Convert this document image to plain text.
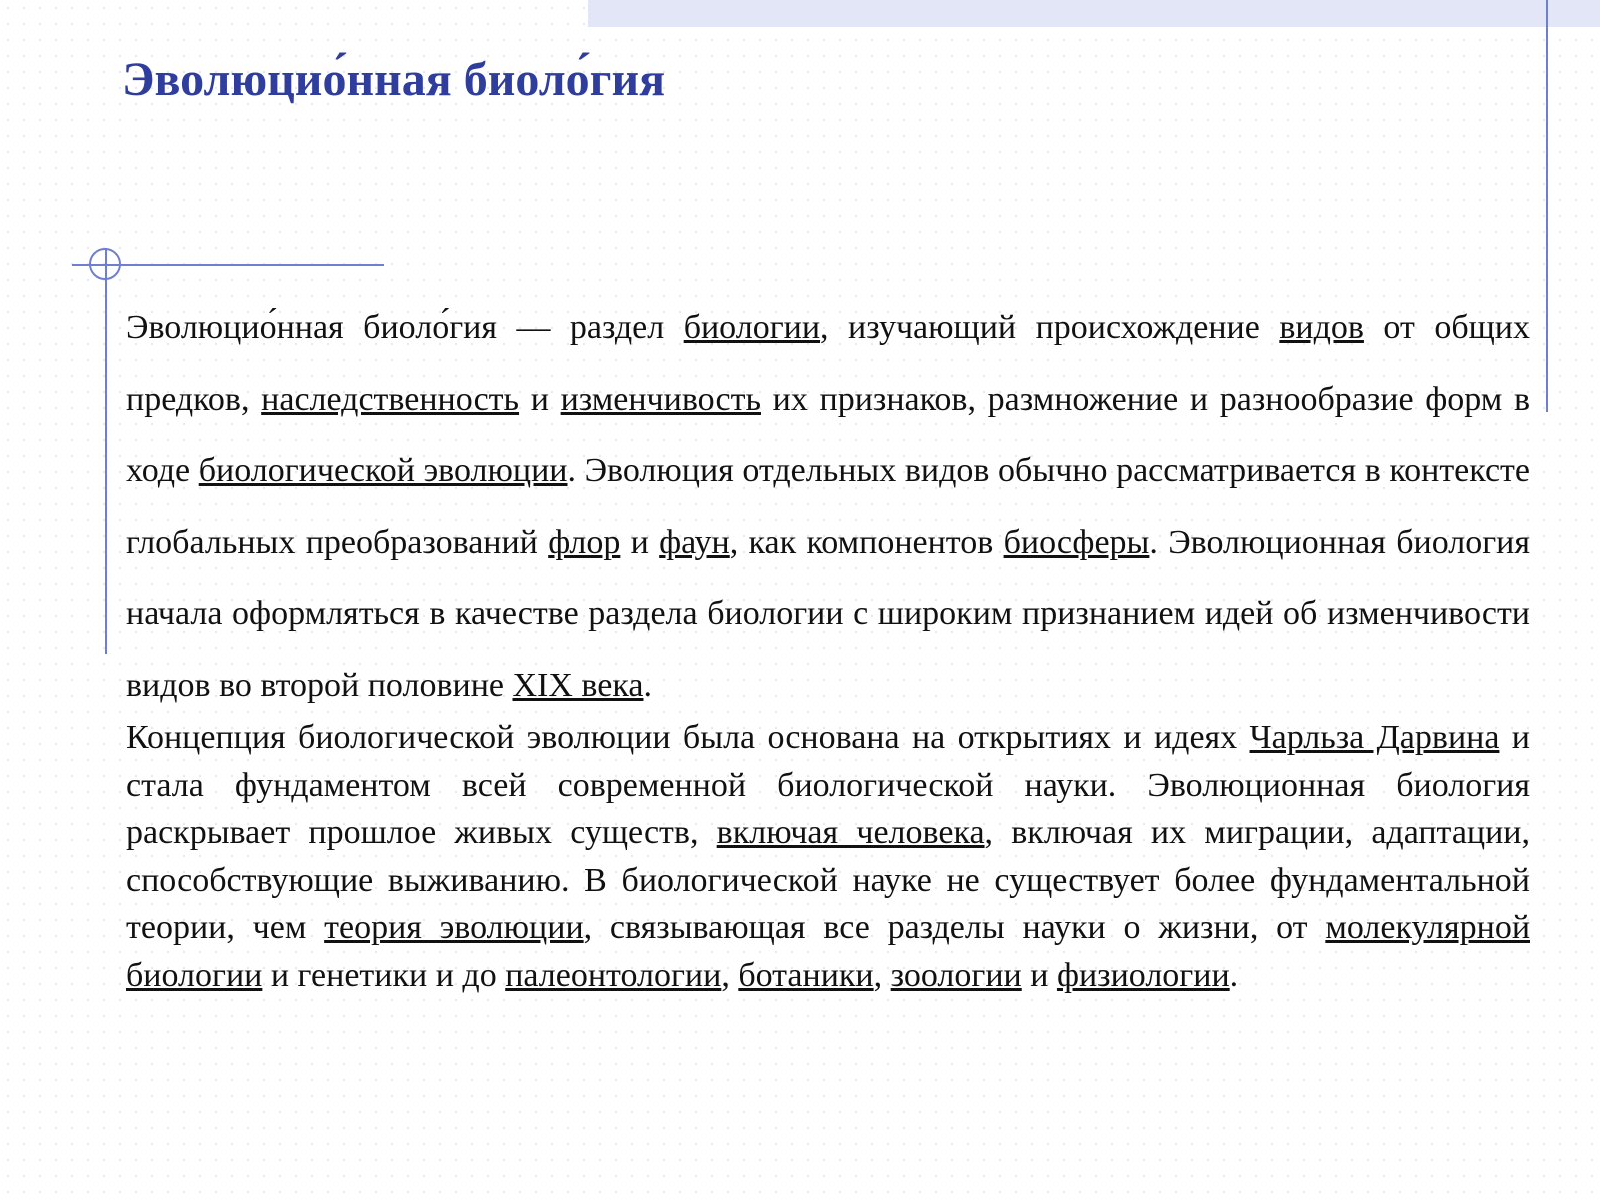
Эволюцио́нная биоло́гия

Эволюцио́нная биоло́гия — раздел биологии, изучающий происхождение видов от общих предков, наследственность и изменчивость их признаков, размножение и разнообразие форм в ходе биологической эволюции. Эволюция отдельных видов обычно рассматривается в контексте глобальных преобразований флор и фаун, как компонентов биосферы. Эволюционная биология начала оформляться в качестве раздела биологии с широким признанием идей об изменчивости видов во второй половине XIX века.

Концепция биологической эволюции была основана на открытиях и идеях Чарльза Дарвина и стала фундаментом всей современной биологической науки. Эволюционная биология раскрывает прошлое живых существ, включая человека, включая их миграции, адаптации, способствующие выживанию. В биологической науке не существует более фундаментальной теории, чем теория эволюции, связывающая все разделы науки о жизни, от молекулярной биологии и генетики и до палеонтологии, ботаники, зоологии и физиологии.
